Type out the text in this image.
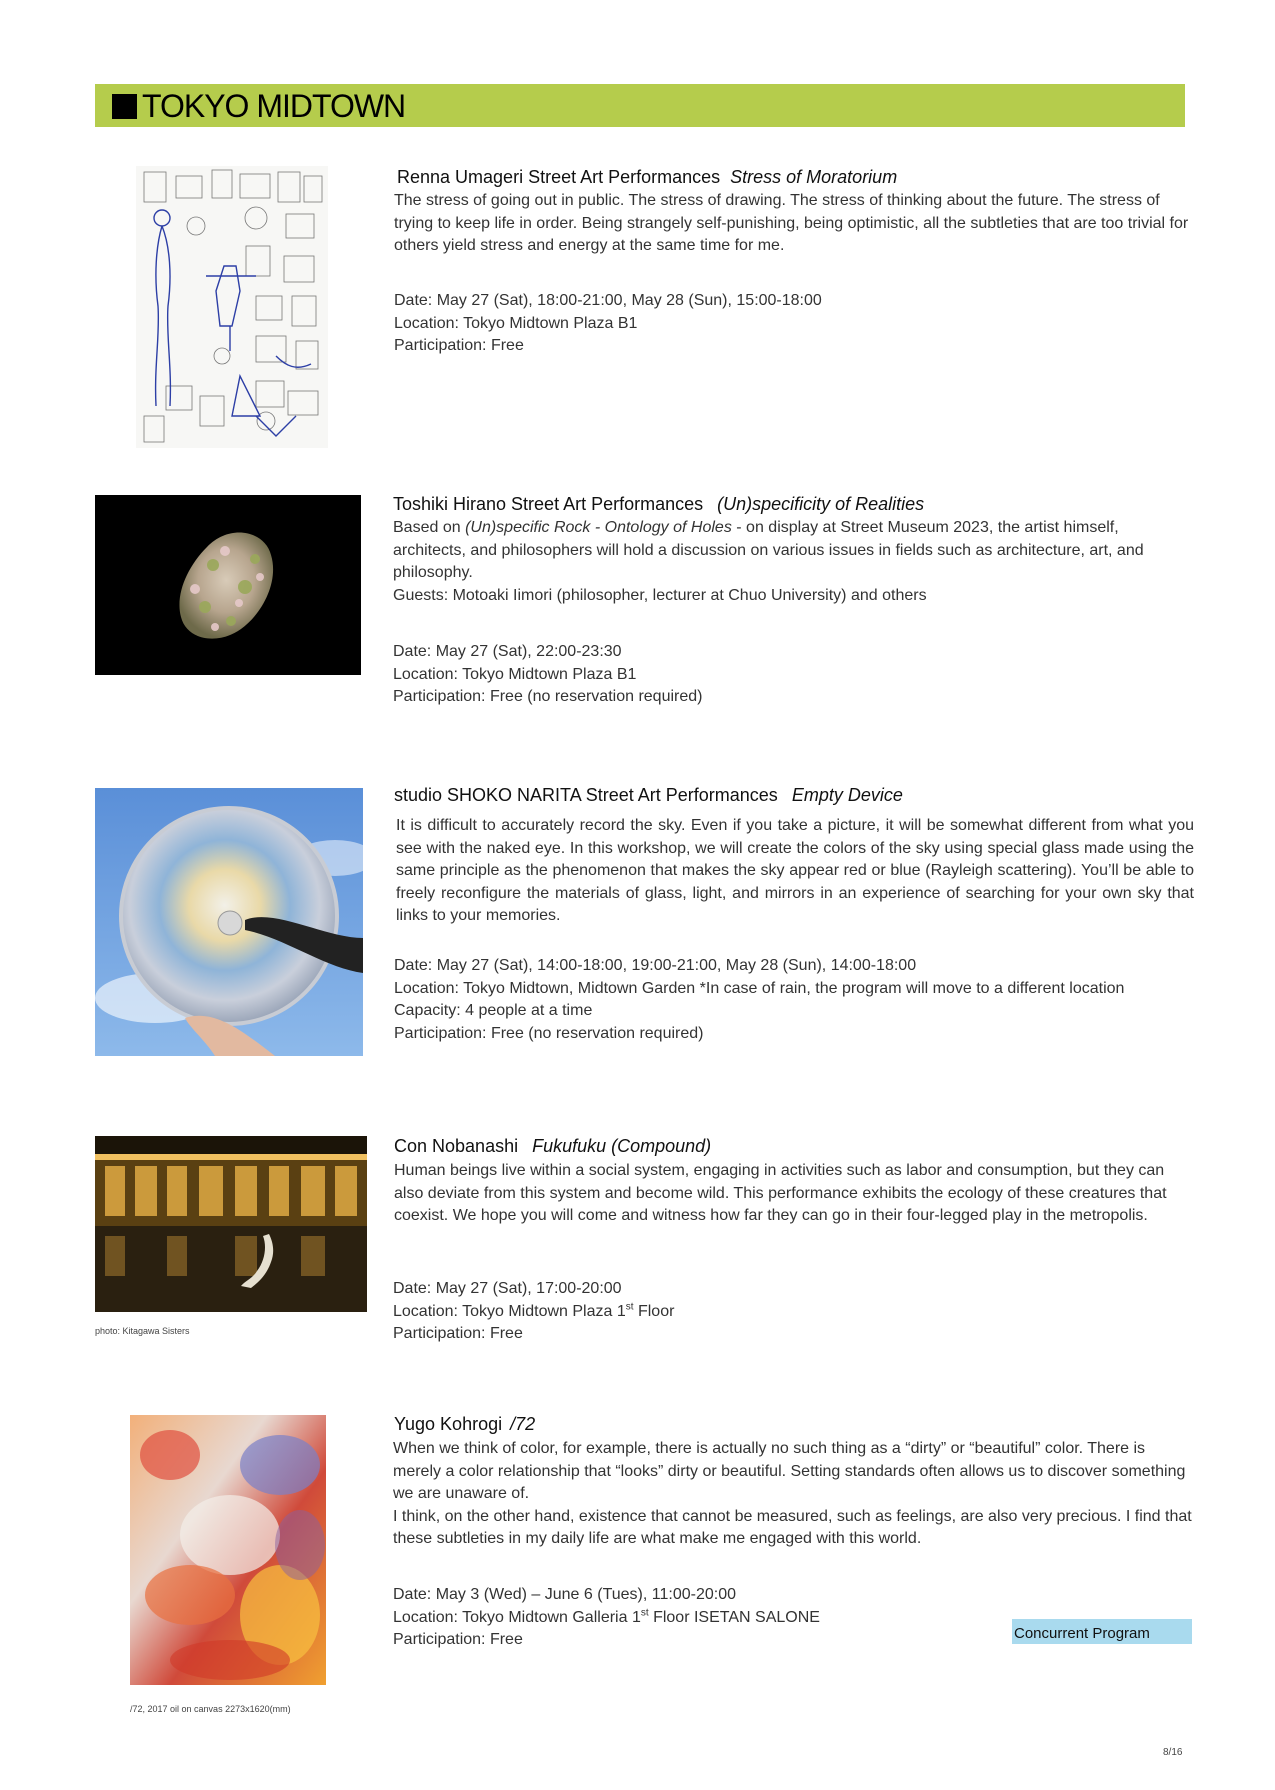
TOKYO MIDTOWN
Renna Umageri Street Art Performances Stress of Moratorium

The stress of going out in public. The stress of drawing. The stress of thinking about the future. The stress of trying to keep life in order. Being strangely self-punishing, being optimistic, all the subtleties that are too trivial for others yield stress and energy at the same time for me.

Date: May 27 (Sat), 18:00-21:00, May 28 (Sun), 15:00-18:00
Location: Tokyo Midtown Plaza B1
Participation: Free
Toshiki Hirano Street Art Performances (Un)specificity of Realities

Based on (Un)specific Rock - Ontology of Holes - on display at Street Museum 2023, the artist himself, architects, and philosophers will hold a discussion on various issues in fields such as architecture, art, and philosophy.

Guests: Motoaki Iimori (philosopher, lecturer at Chuo University) and others

Date: May 27 (Sat), 22:00-23:30
Location: Tokyo Midtown Plaza B1
Participation: Free (no reservation required)
studio SHOKO NARITA Street Art Performances Empty Device

It is difficult to accurately record the sky. Even if you take a picture, it will be somewhat different from what you see with the naked eye. In this workshop, we will create the colors of the sky using special glass made using the same principle as the phenomenon that makes the sky appear red or blue (Rayleigh scattering). You’ll be able to freely reconfigure the materials of glass, light, and mirrors in an experience of searching for your own sky that links to your memories.

Date: May 27 (Sat), 14:00-18:00, 19:00-21:00, May 28 (Sun), 14:00-18:00
Location: Tokyo Midtown, Midtown Garden *In case of rain, the program will move to a different location
Capacity: 4 people at a time
Participation: Free (no reservation required)
photo: Kitagawa Sisters
Con Nobanashi Fukufuku (Compound)

Human beings live within a social system, engaging in activities such as labor and consumption, but they can also deviate from this system and become wild. This performance exhibits the ecology of these creatures that coexist. We hope you will come and witness how far they can go in their four-legged play in the metropolis.

Date: May 27 (Sat), 17:00-20:00
Location: Tokyo Midtown Plaza 1st Floor
Participation: Free
/72, 2017 oil on canvas 2273x1620(mm)
Yugo Kohrogi /72

When we think of color, for example, there is actually no such thing as a “dirty” or “beautiful” color. There is merely a color relationship that “looks” dirty or beautiful. Setting standards often allows us to discover something we are unaware of.

I think, on the other hand, existence that cannot be measured, such as feelings, are also very precious. I find that these subtleties in my daily life are what make me engaged with this world.

Date: May 3 (Wed) – June 6 (Tues), 11:00-20:00
Location: Tokyo Midtown Galleria 1st Floor ISETAN SALONE
Participation: Free	Concurrent Program
8/16
